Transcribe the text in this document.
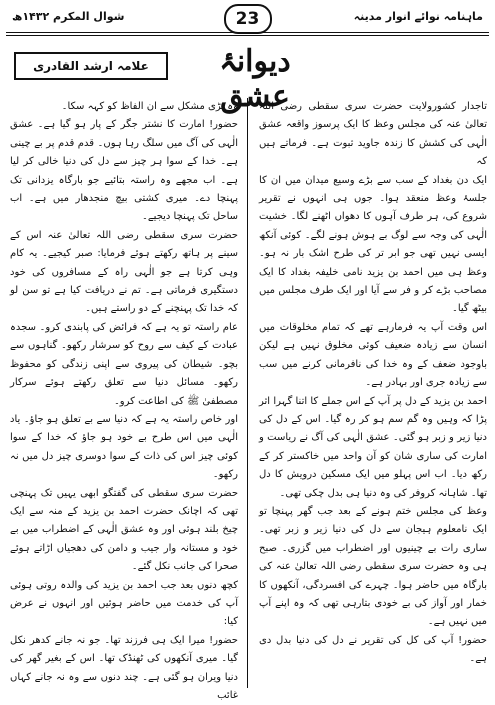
ماہنامہ نوائے انوار مدینہ
23
شوال المکرم ۱۴۳۲ھ
دیوانۂ عشق
علامہ ارشد القادری

تاجدار کشورولایت حضرت سری سقطی رضی اللہ تعالیٰ عنہ کی مجلس وعظ کا ایک پرسوز واقعہ عشق الٰہی کی کشش کا زندہ جاوید ثبوت ہے۔ فرماتے ہیں کہ

ایک دن بغداد کے سب سے بڑے وسیع میدان میں ان کا جلسۂ وعظ منعقد ہوا۔ جوں ہی انہوں نے تقریر شروع کی، ہر طرف آہوں کا دھواں اٹھنے لگا۔ خشیت الٰہی کی وجہ سے لوگ بے ہوش ہونے لگے۔ کوئی آنکھ ایسی نہیں تھی جو ابر تر کی طرح اشک بار نہ ہو۔ وعظ ہی میں احمد بن یزید نامی خلیفہ بغداد کا ایک مصاحب بڑے کر و فر سے آیا اور ایک طرف مجلس میں بیٹھ گیا۔

اس وقت آپ یہ فرمارہے تھے کہ تمام مخلوقات میں انسان سے زیادہ ضعیف کوئی مخلوق نہیں ہے لیکن باوجود ضعف کے وہ خدا کی نافرمانی کرنے میں سب سے زیادہ جری اور بہادر ہے۔

احمد بن یزید کے دل پر آپ کے اس جملے کا اتنا گہرا اثر پڑا کہ وہیں وہ گم سم ہو کر رہ گیا۔ اس کے دل کی دنیا زیر و زبر ہو گئی۔ عشق الٰہی کی آگ نے ریاست و امارت کی ساری شان کو آن واحد میں خاکستر کر کے رکھ دیا۔ اب اس پہلو میں ایک مسکین درویش کا دل تھا۔ شاہانہ کروفر کی وہ دنیا ہی بدل چکی تھی۔

وعظ کی مجلس ختم ہونے کے بعد جب گھر پہنچا تو ایک نامعلوم ہیجان سے دل کی دنیا زیر و زبر تھی۔ ساری رات بے چینیوں اور اضطراب میں گزری۔ صبح ہی وہ حضرت سری سقطی رضی اللہ تعالیٰ عنہ کی بارگاہ میں حاضر ہوا۔ چہرے کی افسردگی، آنکھوں کا خمار اور آواز کی بے خودی بتارہی تھی کہ وہ اپنے آپ میں نہیں ہے۔

حضور! آپ کی کل کی تقریر نے دل کی دنیا بدل دی ہے۔

وہ بڑی مشکل سے ان الفاظ کو کہہ سکا۔

حضور! امارت کا نشتر جگر کے پار ہو گیا ہے۔ عشق الٰہی کی آگ میں سلگ رہا ہوں۔ قدم قدم پر بے چینی ہے۔ خدا کے سوا ہر چیز سے دل کی دنیا خالی کر لیا ہے۔ اب مجھے وہ راستہ بتائیے جو بارگاہ یزدانی تک پہنچا دے۔ میری کشتی بیچ منجدھار میں ہے۔ اب ساحل تک پہنچا دیجیے۔

حضرت سری سقطی رضی اللہ تعالیٰ عنہ اس کے سینے پر ہاتھ رکھتے ہوئے فرمایا: صبر کیجیے۔ یہ کام وہی کرتا ہے جو الٰہی راہ کے مسافروں کی خود دستگیری فرماتی ہے۔ تم نے دریافت کیا ہے تو سن لو کہ خدا تک پہنچنے کے دو راستے ہیں۔

عام راستہ تو یہ ہے کہ فرائض کی پابندی کرو۔ سجدہ عبادت کے کیف سے روح کو سرشار رکھو۔ گناہوں سے بچو۔ شیطان کی پیروی سے اپنی زندگی کو محفوظ رکھو۔ مسائل دنیا سے تعلق رکھتے ہوئے سرکار مصطفیٰ ﷺ کی اطاعت کرو۔

اور خاص راستہ یہ ہے کہ دنیا سے بے تعلق ہو جاؤ۔ یاد الٰہی میں اس طرح بے خود ہو جاؤ کہ خدا کے سوا کوئی چیز اس کی ذات کے سوا دوسری چیز دل میں نہ رکھو۔

حضرت سری سقطی کی گفتگو ابھی یہیں تک پہنچی تھی کہ اچانک حضرت احمد بن یزید کے منہ سے ایک چیخ بلند ہوئی اور وہ عشق الٰہی کے اضطراب میں بے خود و مستانہ وار جیب و دامن کی دھجیاں اڑاتے ہوئے صحرا کی جانب نکل گئے۔

کچھ دنوں بعد جب احمد بن یزید کی والدہ روتی ہوئی آپ کی خدمت میں حاضر ہوئیں اور انہوں نے عرض کیا:

حضور! میرا ایک ہی فرزند تھا۔ جو نہ جانے کدھر نکل گیا۔ میری آنکھوں کی ٹھنڈک تھا۔ اس کے بغیر گھر کی دنیا ویران ہو گئی ہے۔ چند دنوں سے وہ نہ جانے کہاں غائب
